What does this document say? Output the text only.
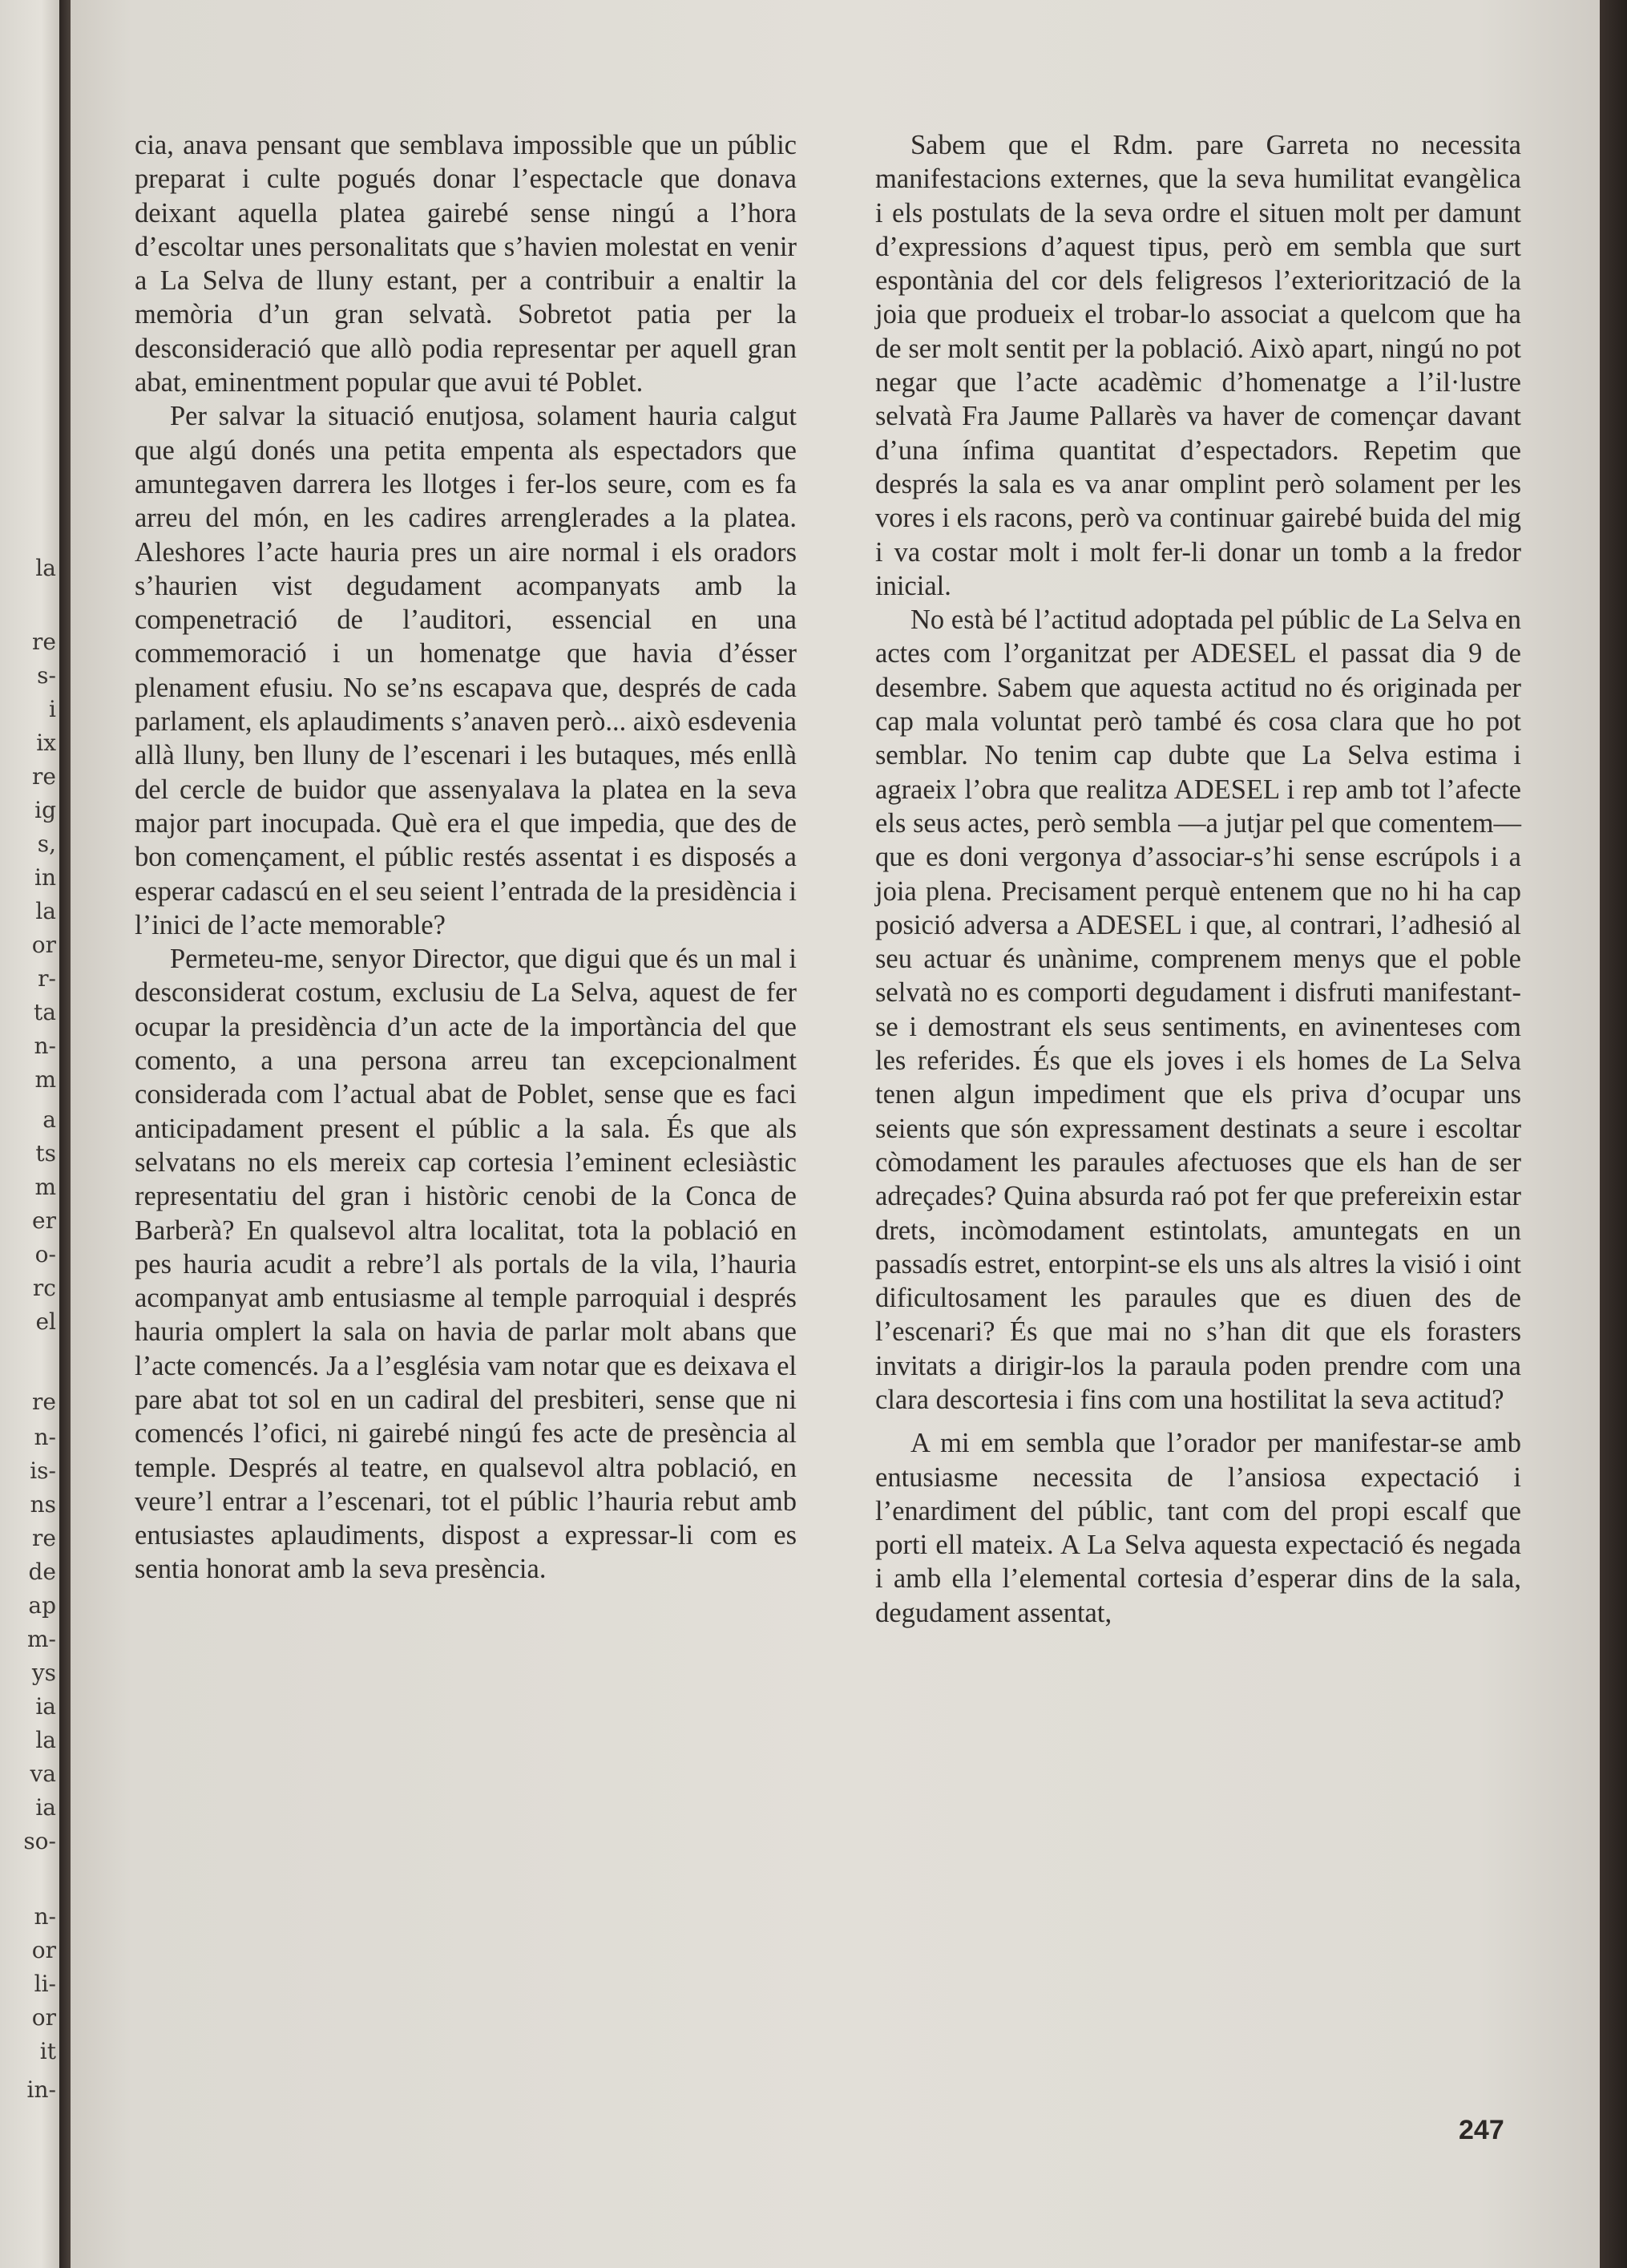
la
re
s-
i
ix
re
ig
s,
in
la
or
r-
ta
n-
m
a
ts
m
er
o-
rc
el
re
n-
is-
ns
re
de
ap
m-
ys
ia
la
va
ia
so-
n-
or
li-
or
it
in-

cia, anava pensant que semblava impossible que un públic preparat i culte pogués donar l’espectacle que donava deixant aquella platea gairebé sense ningú a l’hora d’escoltar unes personalitats que s’havien molestat en venir a La Selva de lluny estant, per a contribuir a enaltir la memòria d’un gran selvatà. Sobretot patia per la desconsideració que allò podia representar per aquell gran abat, eminentment popular que avui té Poblet.

Per salvar la situació enutjosa, solament hauria calgut que algú donés una petita empenta als espectadors que amuntegaven darrera les llotges i fer-los seure, com es fa arreu del món, en les cadires arrenglerades a la platea. Aleshores l’acte hauria pres un aire normal i els oradors s’haurien vist degudament acompanyats amb la compenetració de l’auditori, essencial en una commemoració i un homenatge que havia d’ésser plenament efusiu. No se’ns escapava que, després de cada parlament, els aplaudiments s’anaven però... això esdevenia allà lluny, ben lluny de l’escenari i les butaques, més enllà del cercle de buidor que assenyalava la platea en la seva major part inocupada. Què era el que impedia, que des de bon començament, el públic restés assentat i es disposés a esperar cadascú en el seu seient l’entrada de la presidència i l’inici de l’acte memorable?

Permeteu-me, senyor Director, que digui que és un mal i desconsiderat costum, exclusiu de La Selva, aquest de fer ocupar la presidència d’un acte de la importància del que comento, a una persona arreu tan excepcionalment considerada com l’actual abat de Poblet, sense que es faci anticipadament present el públic a la sala. És que als selvatans no els mereix cap cortesia l’eminent eclesiàstic representatiu del gran i històric cenobi de la Conca de Barberà? En qualsevol altra localitat, tota la població en pes hauria acudit a rebre’l als portals de la vila, l’hauria acompanyat amb entusiasme al temple parroquial i després hauria omplert la sala on havia de parlar molt abans que l’acte comencés. Ja a l’església vam notar que es deixava el pare abat tot sol en un cadiral del presbiteri, sense que ni comencés l’ofici, ni gairebé ningú fes acte de presència al temple. Després al teatre, en qualsevol altra població, en veure’l entrar a l’escenari, tot el públic l’hauria rebut amb entusiastes aplaudiments, dispost a expressar-li com es sentia honorat amb la seva presència.

Sabem que el Rdm. pare Garreta no necessita manifestacions externes, que la seva humilitat evangèlica i els postulats de la seva ordre el situen molt per damunt d’expressions d’aquest tipus, però em sembla que surt espontània del cor dels feligresos l’exteriorització de la joia que produeix el trobar-lo associat a quelcom que ha de ser molt sentit per la població. Això apart, ningú no pot negar que l’acte acadèmic d’homenatge a l’il·lustre selvatà Fra Jaume Pallarès va haver de començar davant d’una ínfima quantitat d’espectadors. Repetim que després la sala es va anar omplint però solament per les vores i els racons, però va continuar gairebé buida del mig i va costar molt i molt fer-li donar un tomb a la fredor inicial.

No està bé l’actitud adoptada pel públic de La Selva en actes com l’organitzat per ADESEL el passat dia 9 de desembre. Sabem que aquesta actitud no és originada per cap mala voluntat però també és cosa clara que ho pot semblar. No tenim cap dubte que La Selva estima i agraeix l’obra que realitza ADESEL i rep amb tot l’afecte els seus actes, però sembla —a jutjar pel que comentem— que es doni vergonya d’associar-s’hi sense escrúpols i a joia plena. Precisament perquè entenem que no hi ha cap posició adversa a ADESEL i que, al contrari, l’adhesió al seu actuar és unànime, comprenem menys que el poble selvatà no es comporti degudament i disfruti manifestant-se i demostrant els seus sentiments, en avinenteses com les referides. És que els joves i els homes de La Selva tenen algun impediment que els priva d’ocupar uns seients que són expressament destinats a seure i escoltar còmodament les paraules afectuoses que els han de ser adreçades? Quina absurda raó pot fer que prefereixin estar drets, incòmodament estintolats, amuntegats en un passadís estret, entorpint-se els uns als altres la visió i oint dificultosament les paraules que es diuen des de l’escenari? És que mai no s’han dit que els forasters invitats a dirigir-los la paraula poden prendre com una clara descortesia i fins com una hostilitat la seva actitud?

A mi em sembla que l’orador per manifestar-se amb entusiasme necessita de l’ansiosa expectació i l’enardiment del públic, tant com del propi escalf que porti ell mateix. A La Selva aquesta expectació és negada i amb ella l’elemental cortesia d’esperar dins de la sala, degudament assentat,

247
